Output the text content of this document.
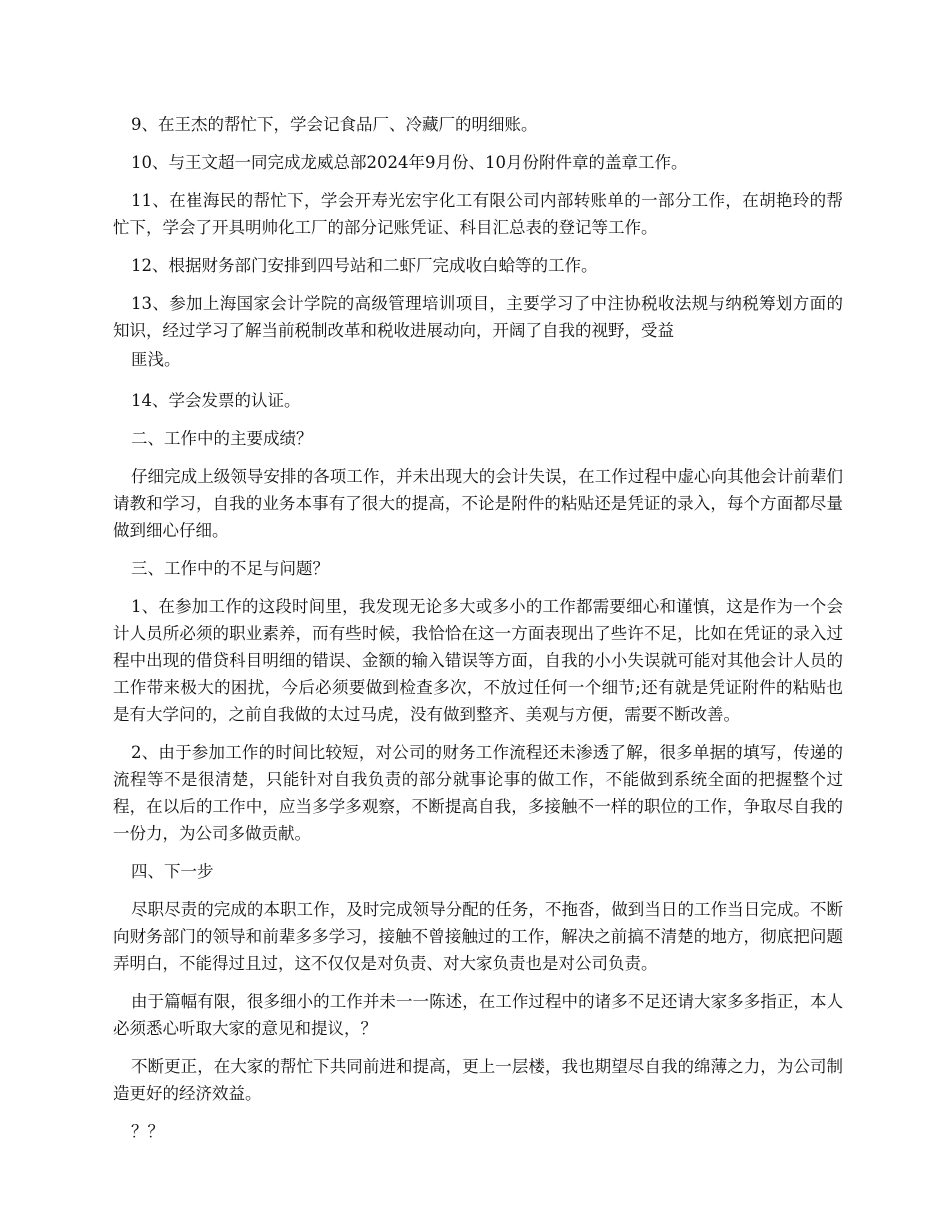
9、在王杰的帮忙下，学会记食品厂、冷藏厂的明细账。

10、与王文超一同完成龙威总部2024年9月份、10月份附件章的盖章工作。

11、在崔海民的帮忙下，学会开寿光宏宇化工有限公司内部转账单的一部分工作，在胡艳玲的帮忙下，学会了开具明帅化工厂的部分记账凭证、科目汇总表的登记等工作。

12、根据财务部门安排到四号站和二虾厂完成收白蛤等的工作。

13、参加上海国家会计学院的高级管理培训项目，主要学习了中注协税收法规与纳税筹划方面的知识，经过学习了解当前税制改革和税收进展动向，开阔了自我的视野，受益

匪浅。

14、学会发票的认证。

二、工作中的主要成绩？

仔细完成上级领导安排的各项工作，并未出现大的会计失误，在工作过程中虚心向其他会计前辈们请教和学习，自我的业务本事有了很大的提高，不论是附件的粘贴还是凭证的录入，每个方面都尽量做到细心仔细。

三、工作中的不足与问题？

1、在参加工作的这段时间里，我发现无论多大或多小的工作都需要细心和谨慎，这是作为一个会计人员所必须的职业素养，而有些时候，我恰恰在这一方面表现出了些许不足，比如在凭证的录入过程中出现的借贷科目明细的错误、金额的输入错误等方面，自我的小小失误就可能对其他会计人员的工作带来极大的困扰，今后必须要做到检查多次，不放过任何一个细节;还有就是凭证附件的粘贴也是有大学问的，之前自我做的太过马虎，没有做到整齐、美观与方便，需要不断改善。

2、由于参加工作的时间比较短，对公司的财务工作流程还未渗透了解，很多单据的填写，传递的流程等不是很清楚，只能针对自我负责的部分就事论事的做工作，不能做到系统全面的把握整个过程，在以后的工作中，应当多学多观察，不断提高自我，多接触不一样的职位的工作，争取尽自我的一份力，为公司多做贡献。

四、下一步

尽职尽责的完成的本职工作，及时完成领导分配的任务，不拖沓，做到当日的工作当日完成。不断向财务部门的领导和前辈多多学习，接触不曾接触过的工作，解决之前搞不清楚的地方，彻底把问题弄明白，不能得过且过，这不仅仅是对负责、对大家负责也是对公司负责。

由于篇幅有限，很多细小的工作并未一一陈述，在工作过程中的诸多不足还请大家多多指正，本人必须悉心听取大家的意见和提议，？

不断更正，在大家的帮忙下共同前进和提高，更上一层楼，我也期望尽自我的绵薄之力，为公司制造更好的经济效益。

？？
